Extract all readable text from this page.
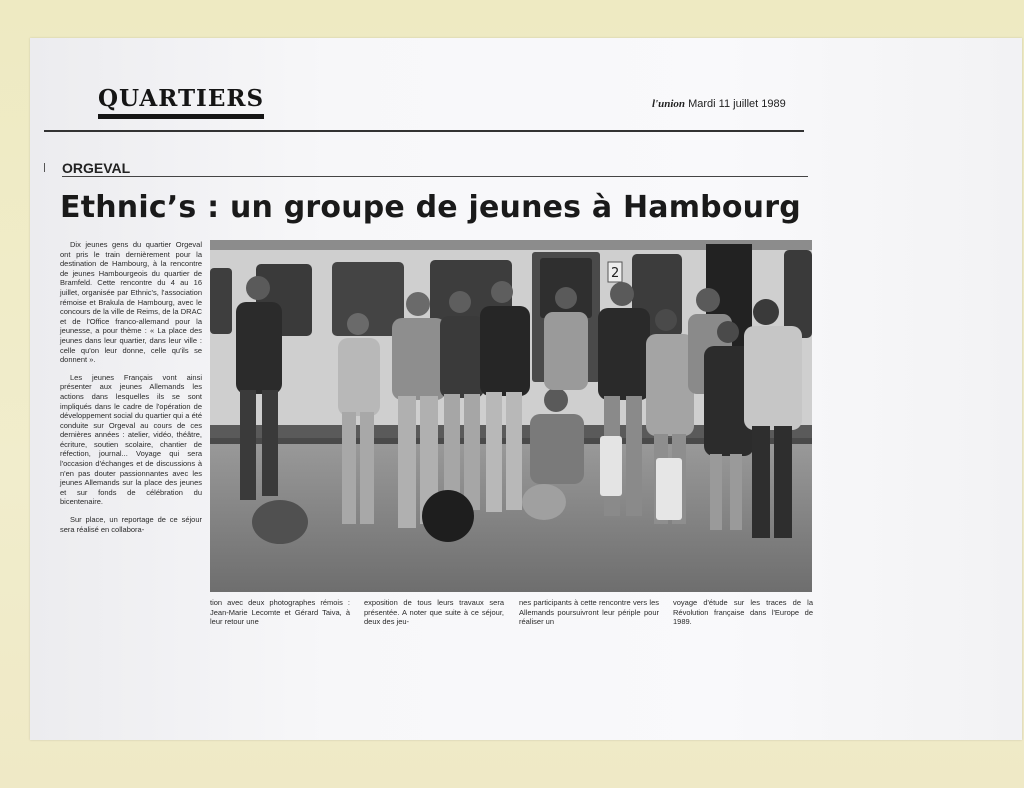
QUARTIERS	l'union Mardi 11 juillet 1989
ORGEVAL
Ethnic’s : un groupe de jeunes à Hambourg

Dix jeunes gens du quartier Orgeval ont pris le train dernièrement pour la destination de Hambourg, à la rencontre de jeunes Hambourgeois du quartier de Bramfeld. Cette rencontre du 4 au 16 juillet, organisée par Ethnic's, l'association rémoise et Brakula de Hambourg, avec le concours de la ville de Reims, de la DRAC et de l'Office franco-allemand pour la jeunesse, a pour thème : « La place des jeunes dans leur quartier, dans leur ville : celle qu'on leur donne, celle qu'ils se donnent ».

Les jeunes Français vont ainsi présenter aux jeunes Allemands les actions dans lesquelles ils se sont impliqués dans le cadre de l'opération de développement social du quartier qui a été conduite sur Orgeval au cours de ces dernières années : atelier, vidéo, théâtre, écriture, soutien scolaire, chantier de réfection, journal... Voyage qui sera l'occasion d'échanges et de discussions à n'en pas douter passionnantes avec les jeunes Allemands sur la place des jeunes et sur fonds de célébration du bicentenaire.

Sur place, un reportage de ce séjour sera réalisé en collabora-

2

tion avec deux photographes rémois : Jean-Marie Lecomte et Gérard Taiva, à leur retour une

exposition de tous leurs travaux sera présentée. A noter que suite à ce séjour, deux des jeu-

nes participants à cette rencontre vers les Allemands poursuivront leur périple pour réaliser un

voyage d'étude sur les traces de la Révolution française dans l'Europe de 1989.
